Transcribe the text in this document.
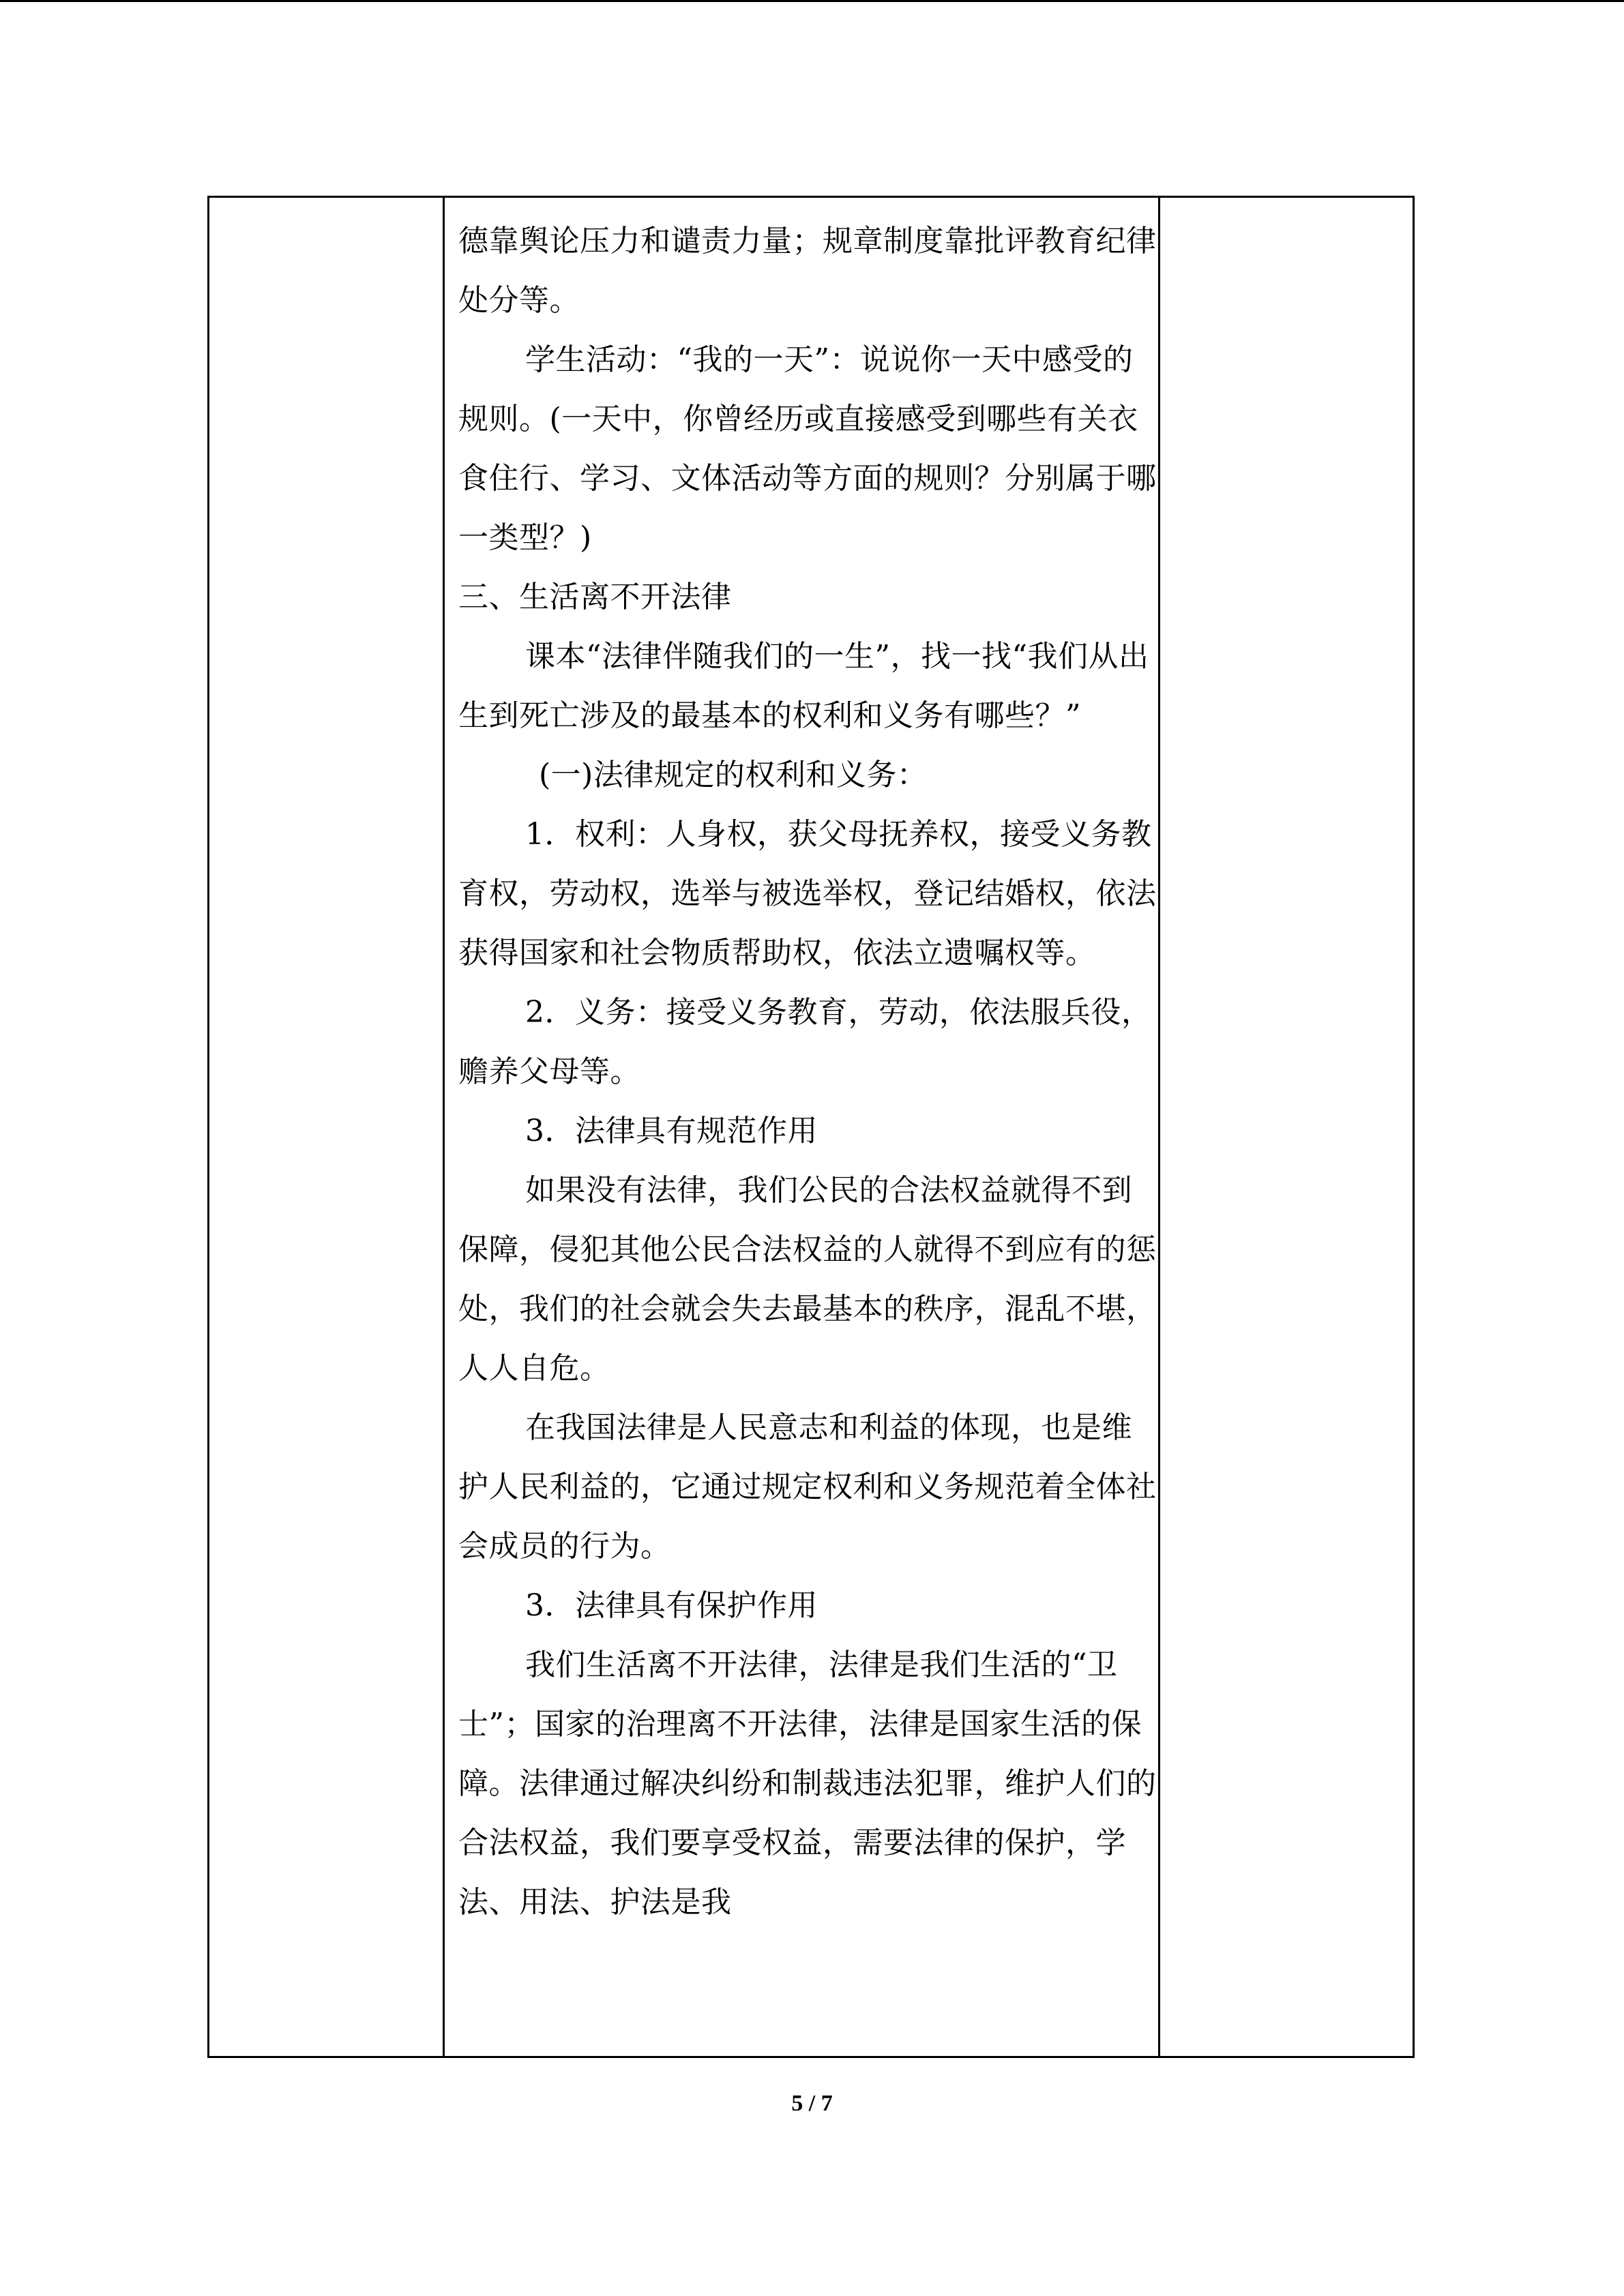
德靠舆论压力和谴责力量；规章制度靠批评教育纪律处分等。

学生活动：“我的一天”：说说你一天中感受的规则。(一天中，你曾经历或直接感受到哪些有关衣食住行、学习、文体活动等方面的规则？分别属于哪一类型？)

三、生活离不开法律

课本“法律伴随我们的一生”，找一找“我们从出生到死亡涉及的最基本的权利和义务有哪些？”

(一)法律规定的权利和义务：

1．权利：人身权，获父母抚养权，接受义务教育权，劳动权，选举与被选举权，登记结婚权，依法获得国家和社会物质帮助权，依法立遗嘱权等。

2．义务：接受义务教育，劳动，依法服兵役，赡养父母等。

3．法律具有规范作用

如果没有法律，我们公民的合法权益就得不到保障，侵犯其他公民合法权益的人就得不到应有的惩处，我们的社会就会失去最基本的秩序，混乱不堪，人人自危。

在我国法律是人民意志和利益的体现，也是维护人民利益的，它通过规定权利和义务规范着全体社会成员的行为。

3．法律具有保护作用

我们生活离不开法律，法律是我们生活的“卫士”；国家的治理离不开法律，法律是国家生活的保障。法律通过解决纠纷和制裁违法犯罪，维护人们的合法权益，我们要享受权益，需要法律的保护，学法、用法、护法是我

5 / 7
